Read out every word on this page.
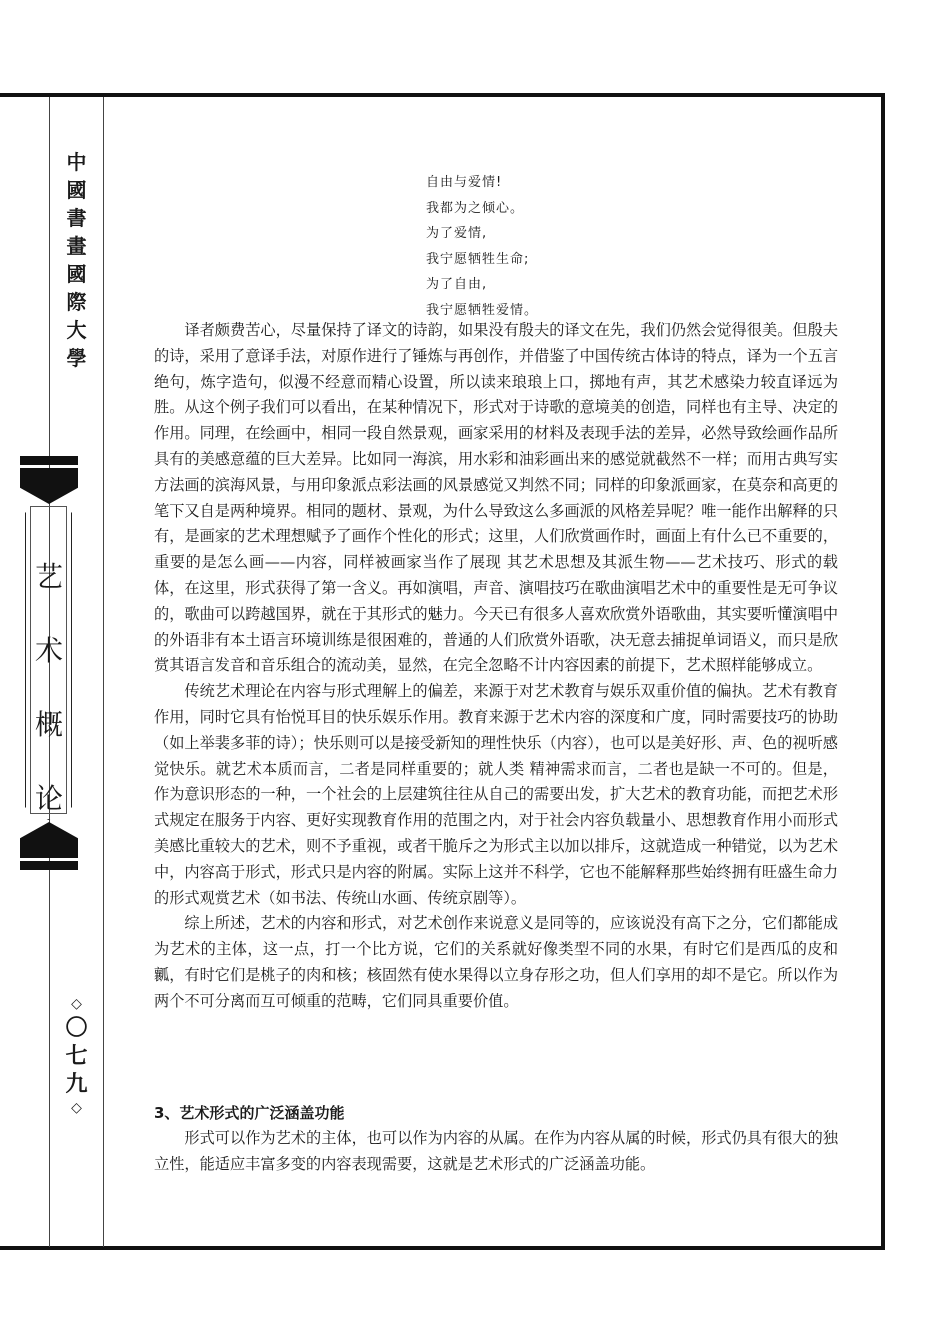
中
國
書
畫
國
際
大
學
艺
术
概
论
◇
〇
七
九
◇
自由与爱情!
我都为之倾心。
为了爱情,
我宁愿牺牲生命;
为了自由,
我宁愿牺牲爱情。

译者颇费苦心，尽量保持了译文的诗韵，如果没有殷夫的译文在先，我们仍然会觉得很美。但殷夫的诗，采用了意译手法，对原作进行了锤炼与再创作，并借鉴了中国传统古体诗的特点，译为一个五言绝句，炼字造句，似漫不经意而精心设置，所以读来琅琅上口，掷地有声，其艺术感染力较直译远为胜。从这个例子我们可以看出，在某种情况下，形式对于诗歌的意境美的创造，同样也有主导、决定的作用。同理，在绘画中，相同一段自然景观，画家采用的材料及表现手法的差异，必然导致绘画作品所具有的美感意蕴的巨大差异。比如同一海滨，用水彩和油彩画出来的感觉就截然不一样；而用古典写实方法画的滨海风景，与用印象派点彩法画的风景感觉又判然不同；同样的印象派画家，在莫奈和高更的笔下又自是两种境界。相同的题材、景观，为什么导致这么多画派的风格差异呢？唯一能作出解释的只有，是画家的艺术理想赋予了画作个性化的形式；这里，人们欣赏画作时，画面上有什么已不重要的，重要的是怎么画——内容，同样被画家当作了展现 其艺术思想及其派生物——艺术技巧、形式的载体，在这里，形式获得了第一含义。再如演唱，声音、演唱技巧在歌曲演唱艺术中的重要性是无可争议的，歌曲可以跨越国界，就在于其形式的魅力。今天已有很多人喜欢欣赏外语歌曲，其实要听懂演唱中的外语非有本土语言环境训练是很困难的，普通的人们欣赏外语歌，决无意去捕捉单词语义，而只是欣赏其语言发音和音乐组合的流动美，显然，在完全忽略不计内容因素的前提下，艺术照样能够成立。

传统艺术理论在内容与形式理解上的偏差，来源于对艺术教育与娱乐双重价值的偏执。艺术有教育作用，同时它具有怡悦耳目的快乐娱乐作用。教育来源于艺术内容的深度和广度，同时需要技巧的协助（如上举裴多菲的诗）；快乐则可以是接受新知的理性快乐（内容），也可以是美好形、声、色的视听感觉快乐。就艺术本质而言，二者是同样重要的；就人类 精神需求而言，二者也是缺一不可的。但是，作为意识形态的一种，一个社会的上层建筑往往从自己的需要出发，扩大艺术的教育功能，而把艺术形式规定在服务于内容、更好实现教育作用的范围之内，对于社会内容负载量小、思想教育作用小而形式美感比重较大的艺术，则不予重视，或者干脆斥之为形式主以加以排斥，这就造成一种错觉，以为艺术中，内容高于形式，形式只是内容的附属。实际上这并不科学，它也不能解释那些始终拥有旺盛生命力的形式观赏艺术（如书法、传统山水画、传统京剧等）。

综上所述，艺术的内容和形式，对艺术创作来说意义是同等的，应该说没有高下之分，它们都能成为艺术的主体，这一点，打一个比方说，它们的关系就好像类型不同的水果，有时它们是西瓜的皮和瓤，有时它们是桃子的肉和核；核固然有使水果得以立身存形之功，但人们享用的却不是它。所以作为两个不可分离而互可倾重的范畴，它们同具重要价值。

3、艺术形式的广泛涵盖功能

形式可以作为艺术的主体，也可以作为内容的从属。在作为内容从属的时候，形式仍具有很大的独立性，能适应丰富多变的内容表现需要，这就是艺术形式的广泛涵盖功能。
